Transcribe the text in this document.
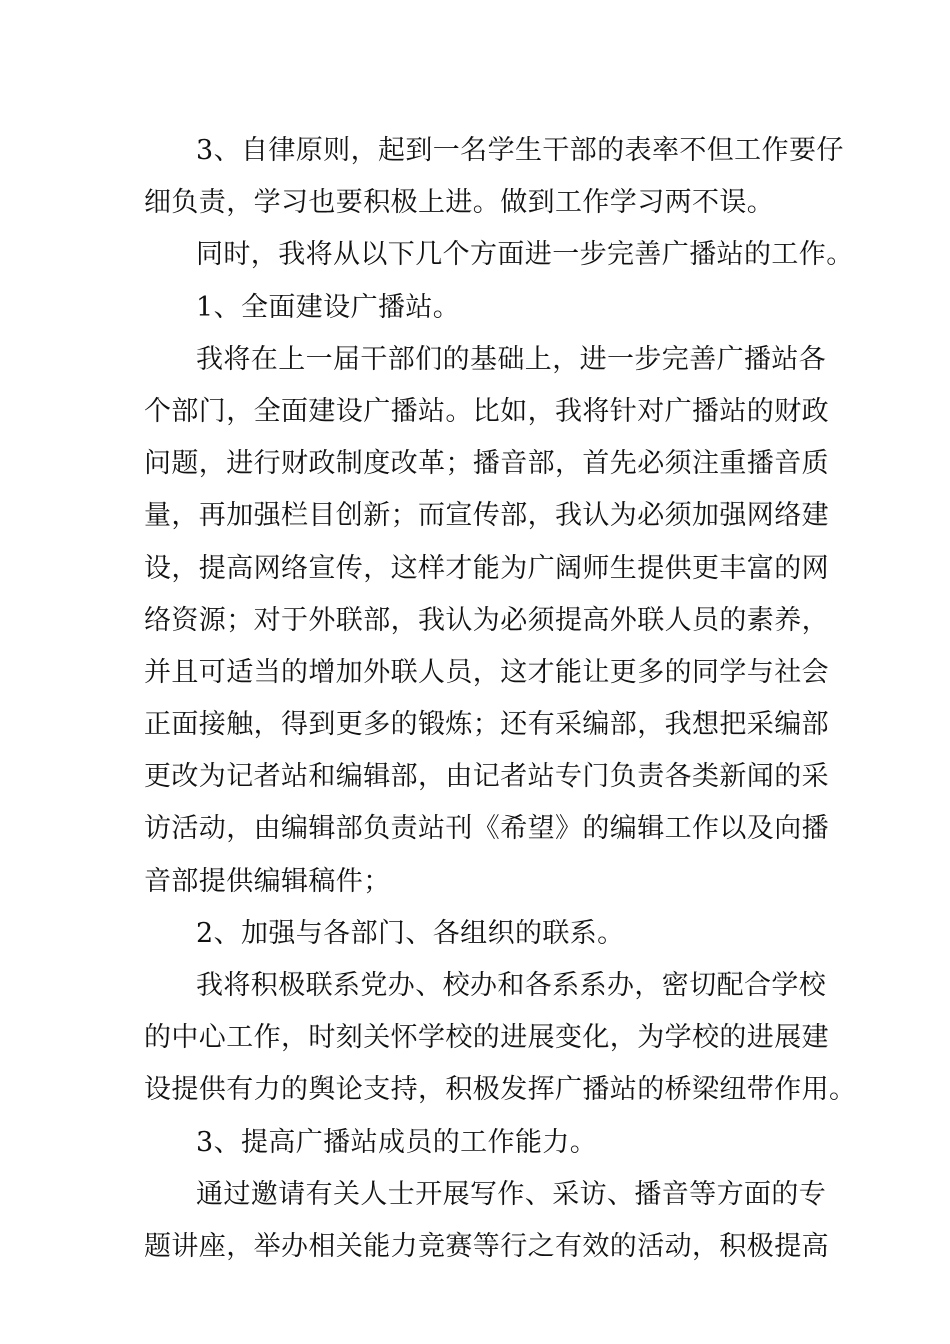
3、自律原则，起到一名学生干部的表率不但工作要仔
细负责，学习也要积极上进。做到工作学习两不误。
同时，我将从以下几个方面进一步完善广播站的工作。
1、全面建设广播站。
我将在上一届干部们的基础上，进一步完善广播站各
个部门，全面建设广播站。比如，我将针对广播站的财政
问题，进行财政制度改革；播音部，首先必须注重播音质
量，再加强栏目创新；而宣传部，我认为必须加强网络建
设，提高网络宣传，这样才能为广阔师生提供更丰富的网
络资源；对于外联部，我认为必须提高外联人员的素养，
并且可适当的增加外联人员，这才能让更多的同学与社会
正面接触，得到更多的锻炼；还有采编部，我想把采编部
更改为记者站和编辑部，由记者站专门负责各类新闻的采
访活动，由编辑部负责站刊《希望》的编辑工作以及向播
音部提供编辑稿件；
2、加强与各部门、各组织的联系。
我将积极联系党办、校办和各系系办，密切配合学校
的中心工作，时刻关怀学校的进展变化，为学校的进展建
设提供有力的舆论支持，积极发挥广播站的桥梁纽带作用。
3、提高广播站成员的工作能力。
通过邀请有关人士开展写作、采访、播音等方面的专
题讲座，举办相关能力竞赛等行之有效的活动，积极提高
